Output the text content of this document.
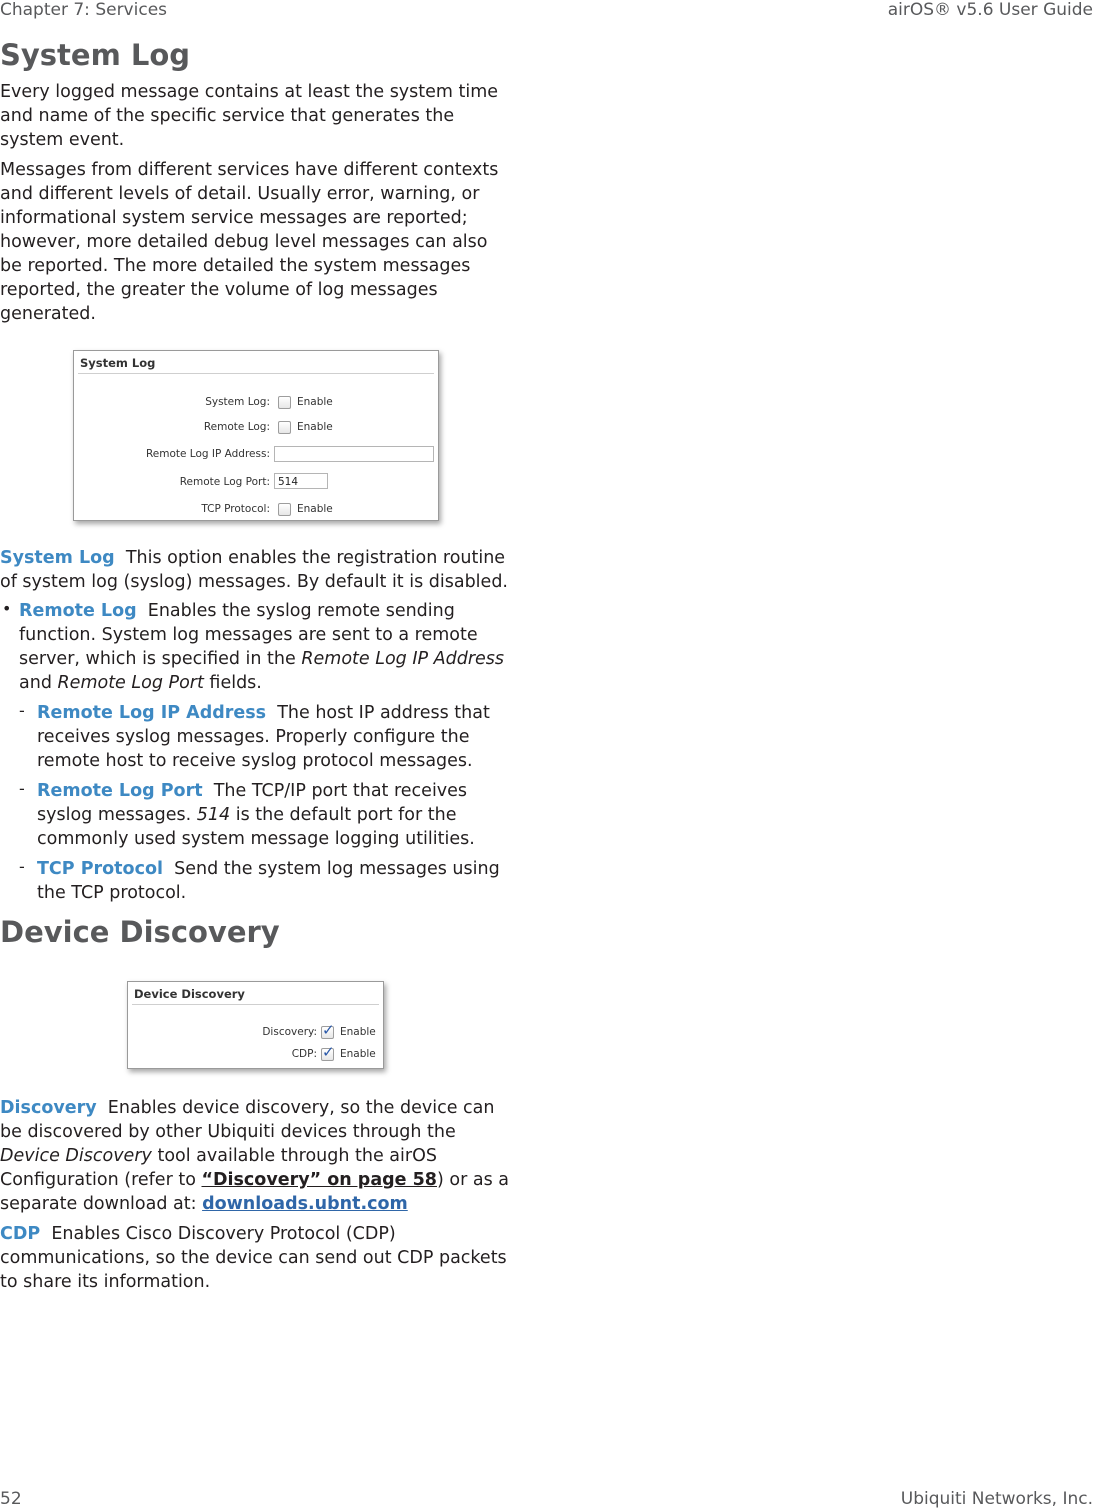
Chapter 7: Services	airOS® v5.6 User Guide
System Log

Every logged message contains at least the system time and name of the specific service that generates the system event.

Messages from different services have different contexts and different levels of detail. Usually error, warning, or informational system service messages are reported; however, more detailed debug level messages can also be reported. The more detailed the system messages reported, the greater the volume of log messages generated.

System Log
System Log:	Enable
Remote Log:	Enable
Remote Log IP Address:
Remote Log Port: 514
TCP Protocol:	Enable

System Log This option enables the registration routine of system log (syslog) messages. By default it is disabled.

• Remote Log Enables the syslog remote sending function. System log messages are sent to a remote server, which is specified in the Remote Log IP Address and Remote Log Port fields.

- Remote Log IP Address The host IP address that receives syslog messages. Properly configure the remote host to receive syslog protocol messages.

- Remote Log Port The TCP/IP port that receives syslog messages. 514 is the default port for the commonly used system message logging utilities.

- TCP Protocol Send the system log messages using the TCP protocol.

Device Discovery
Device Discovery
Discovery: ✓ Enable
CDP: ✓ Enable

Discovery Enables device discovery, so the device can be discovered by other Ubiquiti devices through the Device Discovery tool available through the airOS Configuration (refer to “Discovery” on page 58) or as a separate download at: downloads.ubnt.com

CDP Enables Cisco Discovery Protocol (CDP) communications, so the device can send out CDP packets to share its information.

52	Ubiquiti Networks, Inc.
